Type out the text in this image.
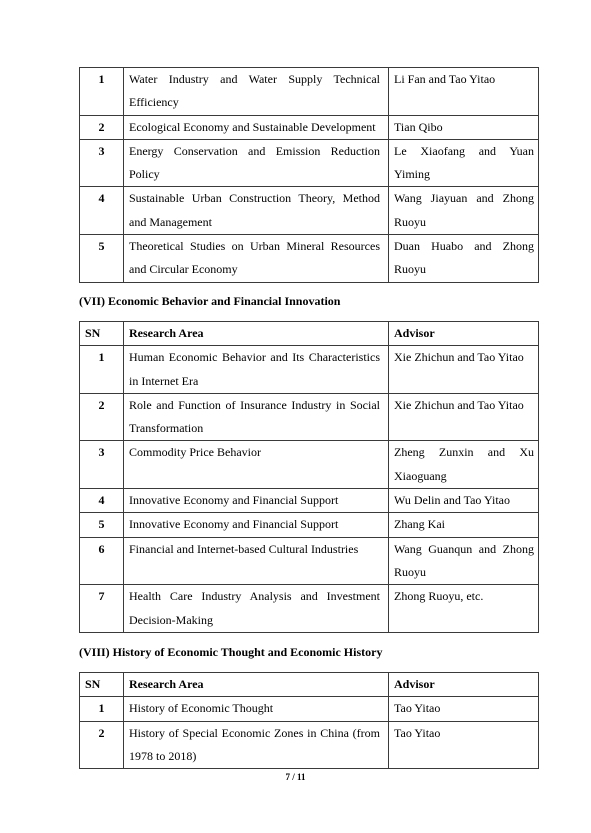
1	Water Industry and Water Supply Technical Efficiency	Li Fan and Tao Yitao

2	Ecological Economy and Sustainable Development	Tian Qibo

3	Energy Conservation and Emission Reduction Policy	Le Xiaofang and Yuan Yiming

4	Sustainable Urban Construction Theory, Method and Management	Wang Jiayuan and Zhong Ruoyu

5	Theoretical Studies on Urban Mineral Resources and Circular Economy	Duan Huabo and Zhong Ruoyu
(VII) Economic Behavior and Financial Innovation
SN	Research Area	Advisor
1	Human Economic Behavior and Its Characteristics in Internet Era	Xie Zhichun and Tao Yitao

2	Role and Function of Insurance Industry in Social Transformation	Xie Zhichun and Tao Yitao

3	Commodity Price Behavior	Zheng Zunxin and Xu Xiaoguang

4	Innovative Economy and Financial Support	Wu Delin and Tao Yitao

5	Innovative Economy and Financial Support	Zhang Kai

6	Financial and Internet-based Cultural Industries	Wang Guanqun and Zhong Ruoyu

7	Health Care Industry Analysis and Investment Decision-Making	Zhong Ruoyu, etc.
(VIII) History of Economic Thought and Economic History
SN	Research Area	Advisor
1	History of Economic Thought	Tao Yitao

2	History of Special Economic Zones in China (from 1978 to 2018)	Tao Yitao
7 / 11
